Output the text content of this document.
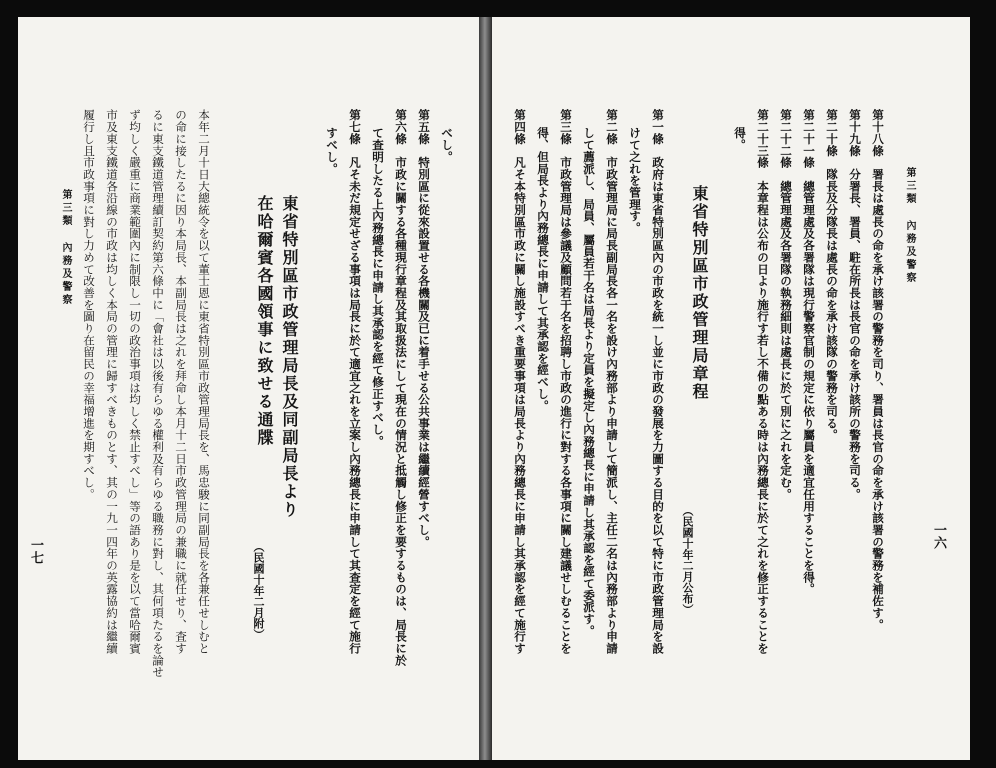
一七
第三類 內務及警察 履行し且市政事項に對し力めて改善を圖り在留民の幸福增進を期すべし。 市及東支鐵道各沿線の市政は均しく本局の管理に歸すべきものとす、其の一九一四年の英露協約は繼續 ず均しく嚴重に商業範圍內に制限し一切の政治事項は均しく禁止すべし」等の語あり是を以て當哈爾賓 るに東支鐵道管理續訂契約第六條中に「會社は以後有らゆる權利及有らゆる職務に對し、其何項たるを論せ の命に接したるに因り本局長、本副局長は之れを拜命し本月十二日市政管理局の兼職に就任せり、査す 本年二月十日大總統令を以て董士恩に東省特別區市政管理局長を、馬忠駿に同副局長を各兼任せしむと	（民國十年二月附）
在哈爾賓各國領事に致せる通牒 東省特別區市政管理局長及同副局長より
すべし。 第七條　凡そ未だ規定せざる事項は局長に於て適宜之れを立案し內務總長に申請して其查定を經て施行 て查明したる上內務總長に申請し其承認を經て修正すべし。 第六條　市政に關する各種現行章程及其取扱法にして現在の情況と抵觸し修正を要するものは、局長に於 第五條　特別區に從來設置せる各機關及已に着手せる公共事業は繼續經營すべし。 べし。	第四條　凡そ本特別區市政に關し施設すべき重要事項は局長より內務總長に申請し其承認を經て施行す 得、但局長より內務總長に申請して其承認を經べし。 第三條　市政管理局は參議及顧問若干名を招聘し市政の進行に對する各事項に關し建議せしむることを して薦派し、局員、屬員若干名は局長より定員を擬定し內務總長に申請し其承認を經て委派す。 第二條　市政管理局に局長副局長各一名を設け內務部より申請して簡派し、主任二名は內務部より申請 けて之れを管理す。 第一條　政府は東省特別區內の市政を統一し並に市政の發展を力圖する目的を以て特に市政管理局を設 （民國十年二月公布）
東省特別區市政管理局章程
得。 第二十三條　本章程は公布の日より施行す若し不備の點ある時は內務總長に於て之れを修正することを 第二十二條　總管理處及各署隊の執務細則は處長に於て別に之れを定む。 第二十一條　總管理處及各署隊は現行警察官制の規定に依り屬員を適宜任用することを得。 第二十條　隊長及分隊長は處長の命を承け該隊の警務を司る。 第十九條　分署長、署員、駐在所長は長官の命を承け該所の警務を司る。 第十八條　署長は處長の命を承け該署の警務を司り、署員は長官の命を承け該署の警務を補佐す。 第三類 內務及警察
一六
